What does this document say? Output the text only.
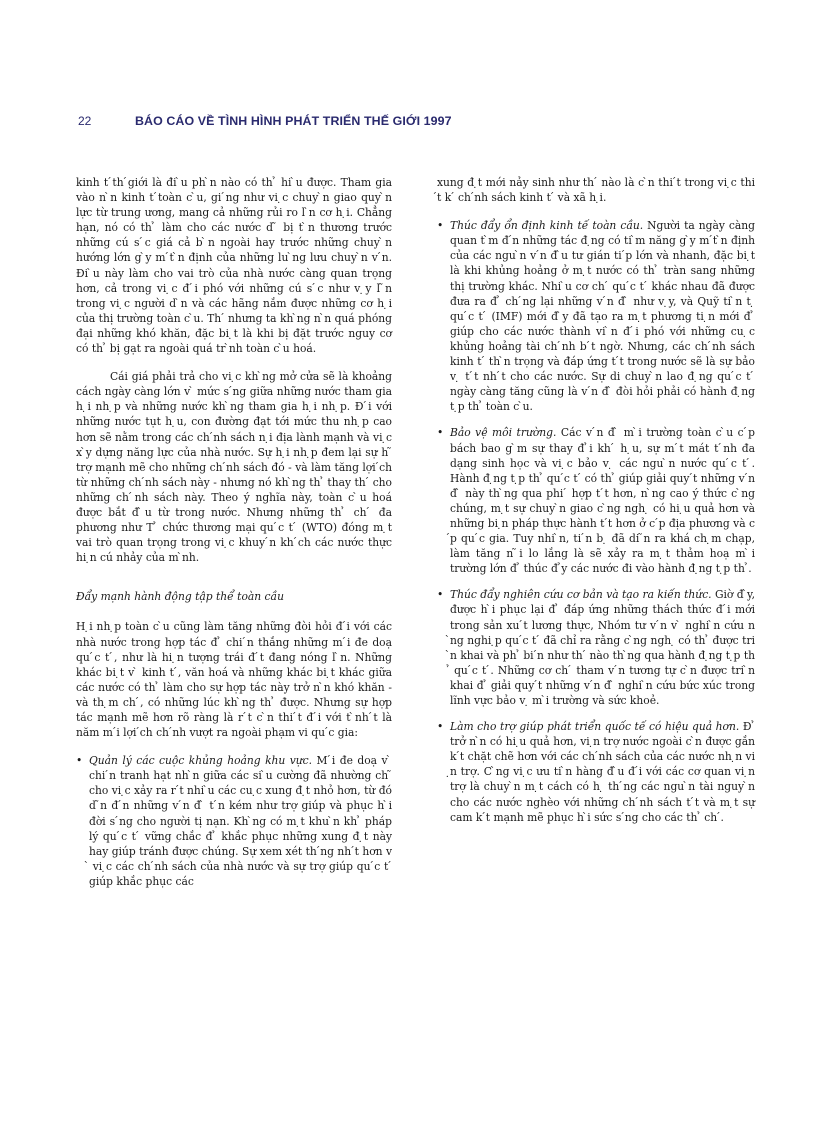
22	BÁO CÁO VỀ TÌNH HÌNH PHÁT TRIỂN THẾ GIỚI 1997

kinh t ́th ́giới là đi ̀u ph ̀n nào có th ̉ hi ̀u được. Tham gia vào n ̀n kinh t ́toàn c ̀u, gi ́ng như vi ̣c chuy ̀n giao quy ̀n lực từ trung ương, mang cả những rủi ro l ̀n cơ h ̣i. Chẳng hạn, nó có th ̉ làm cho các nước d ̃ bị t ̀n thương trước những cú s ́c giá cả b ̀n ngoài hay trước những chuy ̀n hướng lớn g ̀y m ́t ̀n định của những lu ̀ng lưu chuy ̀n v ́n. Đi ̀u này làm cho vai trò của nhà nước càng quan trọng hơn, cả trong vi ̣c đ ́i phó với những cú s ́c như v ̣y l ̃n trong vi ̣c người d ̀n và các hãng nắm được những cơ h ̣i của thị trường toàn c ̀u. Th ́ nhưng ta kh ̀ng n ̀n quá phóng đại những khó khăn, đặc bi ̣t là khi bị đặt trước nguy cơ có th ̉ bị gạt ra ngoài quá tr ̀nh toàn c ̀u hoá.

Cái giá phải trả cho vi ̣c kh ̀ng mở cửa sẽ là khoảng cách ngày càng lớn v ̀ mức s ́ng giữa những nước tham gia h ̣i nh ̣p và những nước kh ̀ng tham gia h ̣i nh ̣p. Đ ́i với những nước tụt h ̣u, con đường đạt tới mức thu nh ̣p cao hơn sẽ nằm trong các ch ́nh sách n ̣i địa lành mạnh và vi ̣c x ̀y dựng năng lực của nhà nước. Sự h ̣i nh ̣p đem lại sự h ̃ trợ mạnh mẽ cho những ch ́nh sách đó - và làm tăng lợi ́ch từ những ch ́nh sách này - nhưng nó kh ̀ng th ̉ thay th ́ cho những ch ́nh sách này. Theo ý nghĩa này, toàn c ̀u hoá được bắt đ ̀u từ trong nước. Nhưng những th ̉ ch ́ đa phương như T ̉ chức thương mại qu ́c t ́ (WTO) đóng m ̣t vai trò quan trọng trong vi ̣c khuy ́n kh ́ch các nước thực hi ̣n cú nhảy của m ̀nh.

Đẩy mạnh hành động tập thể toàn cầu

H ̣i nh ̣p toàn c ̀u cũng làm tăng những đòi hỏi đ ́i với các nhà nước trong hợp tác đ ̉ chi ́n thắng những m ́i đe doạ qu ́c t ́, như là hi ̣n tượng trái đ ́t đang nóng l ̀n. Những khác bi ̣t v ̀ kinh t ́, văn hoá và những khác bi ̣t khác giữa các nước có th ̉ làm cho sự hợp tác này trở n ̀n khó khăn - và th ̣m ch ́, có những lúc kh ̀ng th ̉ được. Nhưng sự hợp tác mạnh mẽ hơn rõ ràng là r ́t c ̀n thi ́t đ ́i với t ̀nh ́t là năm m ́i lợi ́ch ch ́nh vượt ra ngoài phạm vi qu ́c gia:

• Quản lý các cuộc khủng hoảng khu vực. M ́i đe doạ v ̀ chi ́n tranh hạt nh ̀n giữa các si ̀u cường đã nhường ch ̃ cho vi ̣c xảy ra r ́t nhi ̀u các cu ̣c xung đ ̣t nhỏ hơn, từ đó d ̃n đ ́n những v ́n đ ̀ t ́n kém như trợ giúp và phục h ̀i đời s ́ng cho người tị nạn. Kh ̀ng có m ̣t khu ̀n kh ̉ pháp lý qu ́c t ́ vững chắc đ ̉ khắc phục những xung đ ̣t này hay giúp tránh được chúng. Sự xem xét th ́ng nh ́t hơn v ̀ vi ̣c các ch ́nh sách của nhà nước và sự trợ giúp qu ́c t ́ giúp khắc phục các

xung đ ̣t mới nảy sinh như th ́ nào là c ̀n thi ́t trong vi ̣c thi ́t k ́ ch ́nh sách kinh t ́ và xã h ̣i.

• Thúc đẩy ổn định kinh tế toàn cầu. Người ta ngày càng quan t ̀m đ ́n những tác đ ̣ng có ti ̀m năng g ̀y m ́t ̀n định của các ngu ̀n v ́n đ ̀u tư gián ti ́p lớn và nhanh, đặc bi ̣t là khi khủng hoảng ở m ̣t nước có th ̉ tràn sang những thị trường khác. Nhi ̀u cơ ch ́ qu ́c t ́ khác nhau đã được đưa ra đ ̉ ch ́ng lại những v ́n đ ̀ như v ̣y, và Quỹ ti ̀n t ̣ qu ́c t ́ (IMF) mới đ ̀y đã tạo ra m ̣t phương ti ̣n mới đ ̉ giúp cho các nước thành vi ̀n đ ́i phó với những cu ̣c khủng hoảng tài ch ́nh b ́t ngờ. Nhưng, các ch ́nh sách kinh t ́ th ̀n trọng và đáp ứng t ́t trong nước sẽ là sự bảo v ̣ t ́t nh ́t cho các nước. Sự di chuy ̀n lao đ ̣ng qu ́c t ́ ngày càng tăng cũng là v ́n đ ̀ đòi hỏi phải có hành đ ̣ng t ̣p th ̉ toàn c ̀u.
• Bảo vệ môi trường. Các v ́n đ ̀ m ̀i trường toàn c ̀u c ́p bách bao g ̀m sự thay đ ̉i kh ́ h ̣u, sự m ́t mát t ́nh đa dạng sinh học và vi ̣c bảo v ̣ các ngu ̀n nước qu ́c t ́. Hành đ ̣ng t ̣p th ̉ qu ́c t ́ có th ̉ giúp giải quy ́t những v ́n đ ̀ này th ̀ng qua phi ́ hợp t ́t hơn, n ̀ng cao ý thức c ̀ng chúng, m ̣t sự chuy ̀n giao c ̀ng ngh ̣ có hi ̣u quả hơn và những bi ̣n pháp thực hành t ́t hơn ở c ́p địa phương và c ́p qu ́c gia. Tuy nhi ̀n, ti ́n b ̣ đã di ̃n ra khá ch ̣m chạp, làm tăng n ̃i lo lắng là sẽ xảy ra m ̣t thảm hoạ m ̀i trường lớn đ ̉ thúc đ ̉y các nước đi vào hành đ ̣ng t ̣p th ̉.
• Thúc đẩy nghiên cứu cơ bản và tạo ra kiến thức. Giờ đ ̀y, được h ̀i phục lại đ ̉ đáp ứng những thách thức đ ́i mới trong sản xu ́t lương thực, Nhóm tư v ́n v ̀ nghi ̀n cứu n ̀ng nghi ̣p qu ́c t ́ đã chỉ ra rằng c ̀ng ngh ̣ có th ̉ được tri ̀n khai và ph ̉ bi ́n như th ́ nào th ̀ng qua hành đ ̣ng t ̣p th ̉ qu ́c t ́. Những cơ ch ́ tham v ́n tương tự c ̀n được tri ̀n khai đ ̉ giải quy ́t những v ́n đ ̀ nghi ̀n cứu bức xúc trong lĩnh vực bảo v ̣ m ̀i trường và sức khoẻ.
• Làm cho trợ giúp phát triển quốc tế có hiệu quả hơn. Đ ̉ trở n ̀n có hi ̣u quả hơn, vi ̣n trợ nước ngoài c ̀n được gắn k ́t chặt chẽ hơn với các ch ́nh sách của các nước nh ̣n vi ̣n trợ. C ̀ng vi ̣c ưu ti ̀n hàng đ ̀u đ ́i với các cơ quan vi ̣n trợ là chuy ̀n m ̣t cách có h ̣ th ́ng các ngu ̀n tài nguy ̀n cho các nước nghèo với những ch ́nh sách t ́t và m ̣t sự cam k ́t mạnh mẽ phục h ̀i sức s ́ng cho các th ̉ ch ́.
